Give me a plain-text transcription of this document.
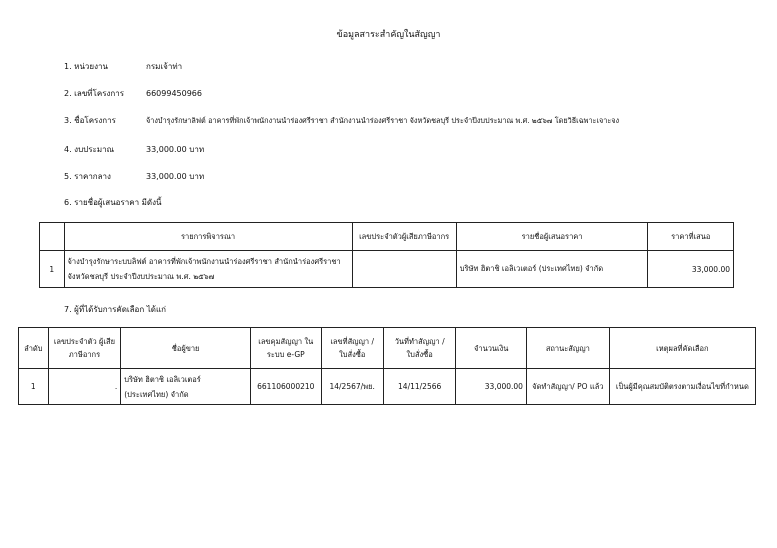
ข้อมูลสาระสำคัญในสัญญา
1. หน่วยงาน	กรมเจ้าท่า
2. เลขที่โครงการ	66099450966
3. ชื่อโครงการ	จ้างบำรุงรักษาลิฟต์ อาคารที่พักเจ้าพนักงานนำร่องศรีราชา สำนักงานนำร่องศรีราชา จังหวัดชลบุรี ประจำปีงบประมาณ พ.ศ. ๒๕๖๗ โดยวิธีเฉพาะเจาะจง
4. งบประมาณ	33,000.00 บาท
5. ราคากลาง	33,000.00 บาท
6. รายชื่อผู้เสนอราคา มีดังนี้
	รายการพิจารณา	เลขประจำตัวผู้เสียภาษีอากร	รายชื่อผู้เสนอราคา	ราคาที่เสนอ
1	จ้างบำรุงรักษาระบบลิฟต์ อาคารที่พักเจ้าพนักงานนำร่องศรีราชา สำนักนำร่องศรีราชา จังหวัดชลบุรี ประจำปีงบประมาณ พ.ศ. ๒๕๖๗		บริษัท ฮิตาชิ เอลิเวเตอร์ (ประเทศไทย) จำกัด	33,000.00
7. ผู้ที่ได้รับการคัดเลือก ได้แก่
ลำดับ	เลขประจำตัว ผู้เสียภาษีอากร	ชื่อผู้ขาย	เลขคุมสัญญา ในระบบ e-GP	เลขที่สัญญา / ใบสั่งซื้อ	วันที่ทำสัญญา / ใบสั่งซื้อ	จำนวนเงิน	สถานะสัญญา	เหตุผลที่คัดเลือก
1	.	บริษัท ฮิตาชิ เอลิเวเตอร์ (ประเทศไทย) จำกัด	661106000210	14/2567/พย.	14/11/2566	33,000.00	จัดทำสัญญา/ PO แล้ว	เป็นผู้มีคุณสมบัติตรงตามเงื่อนไขที่กำหนด
